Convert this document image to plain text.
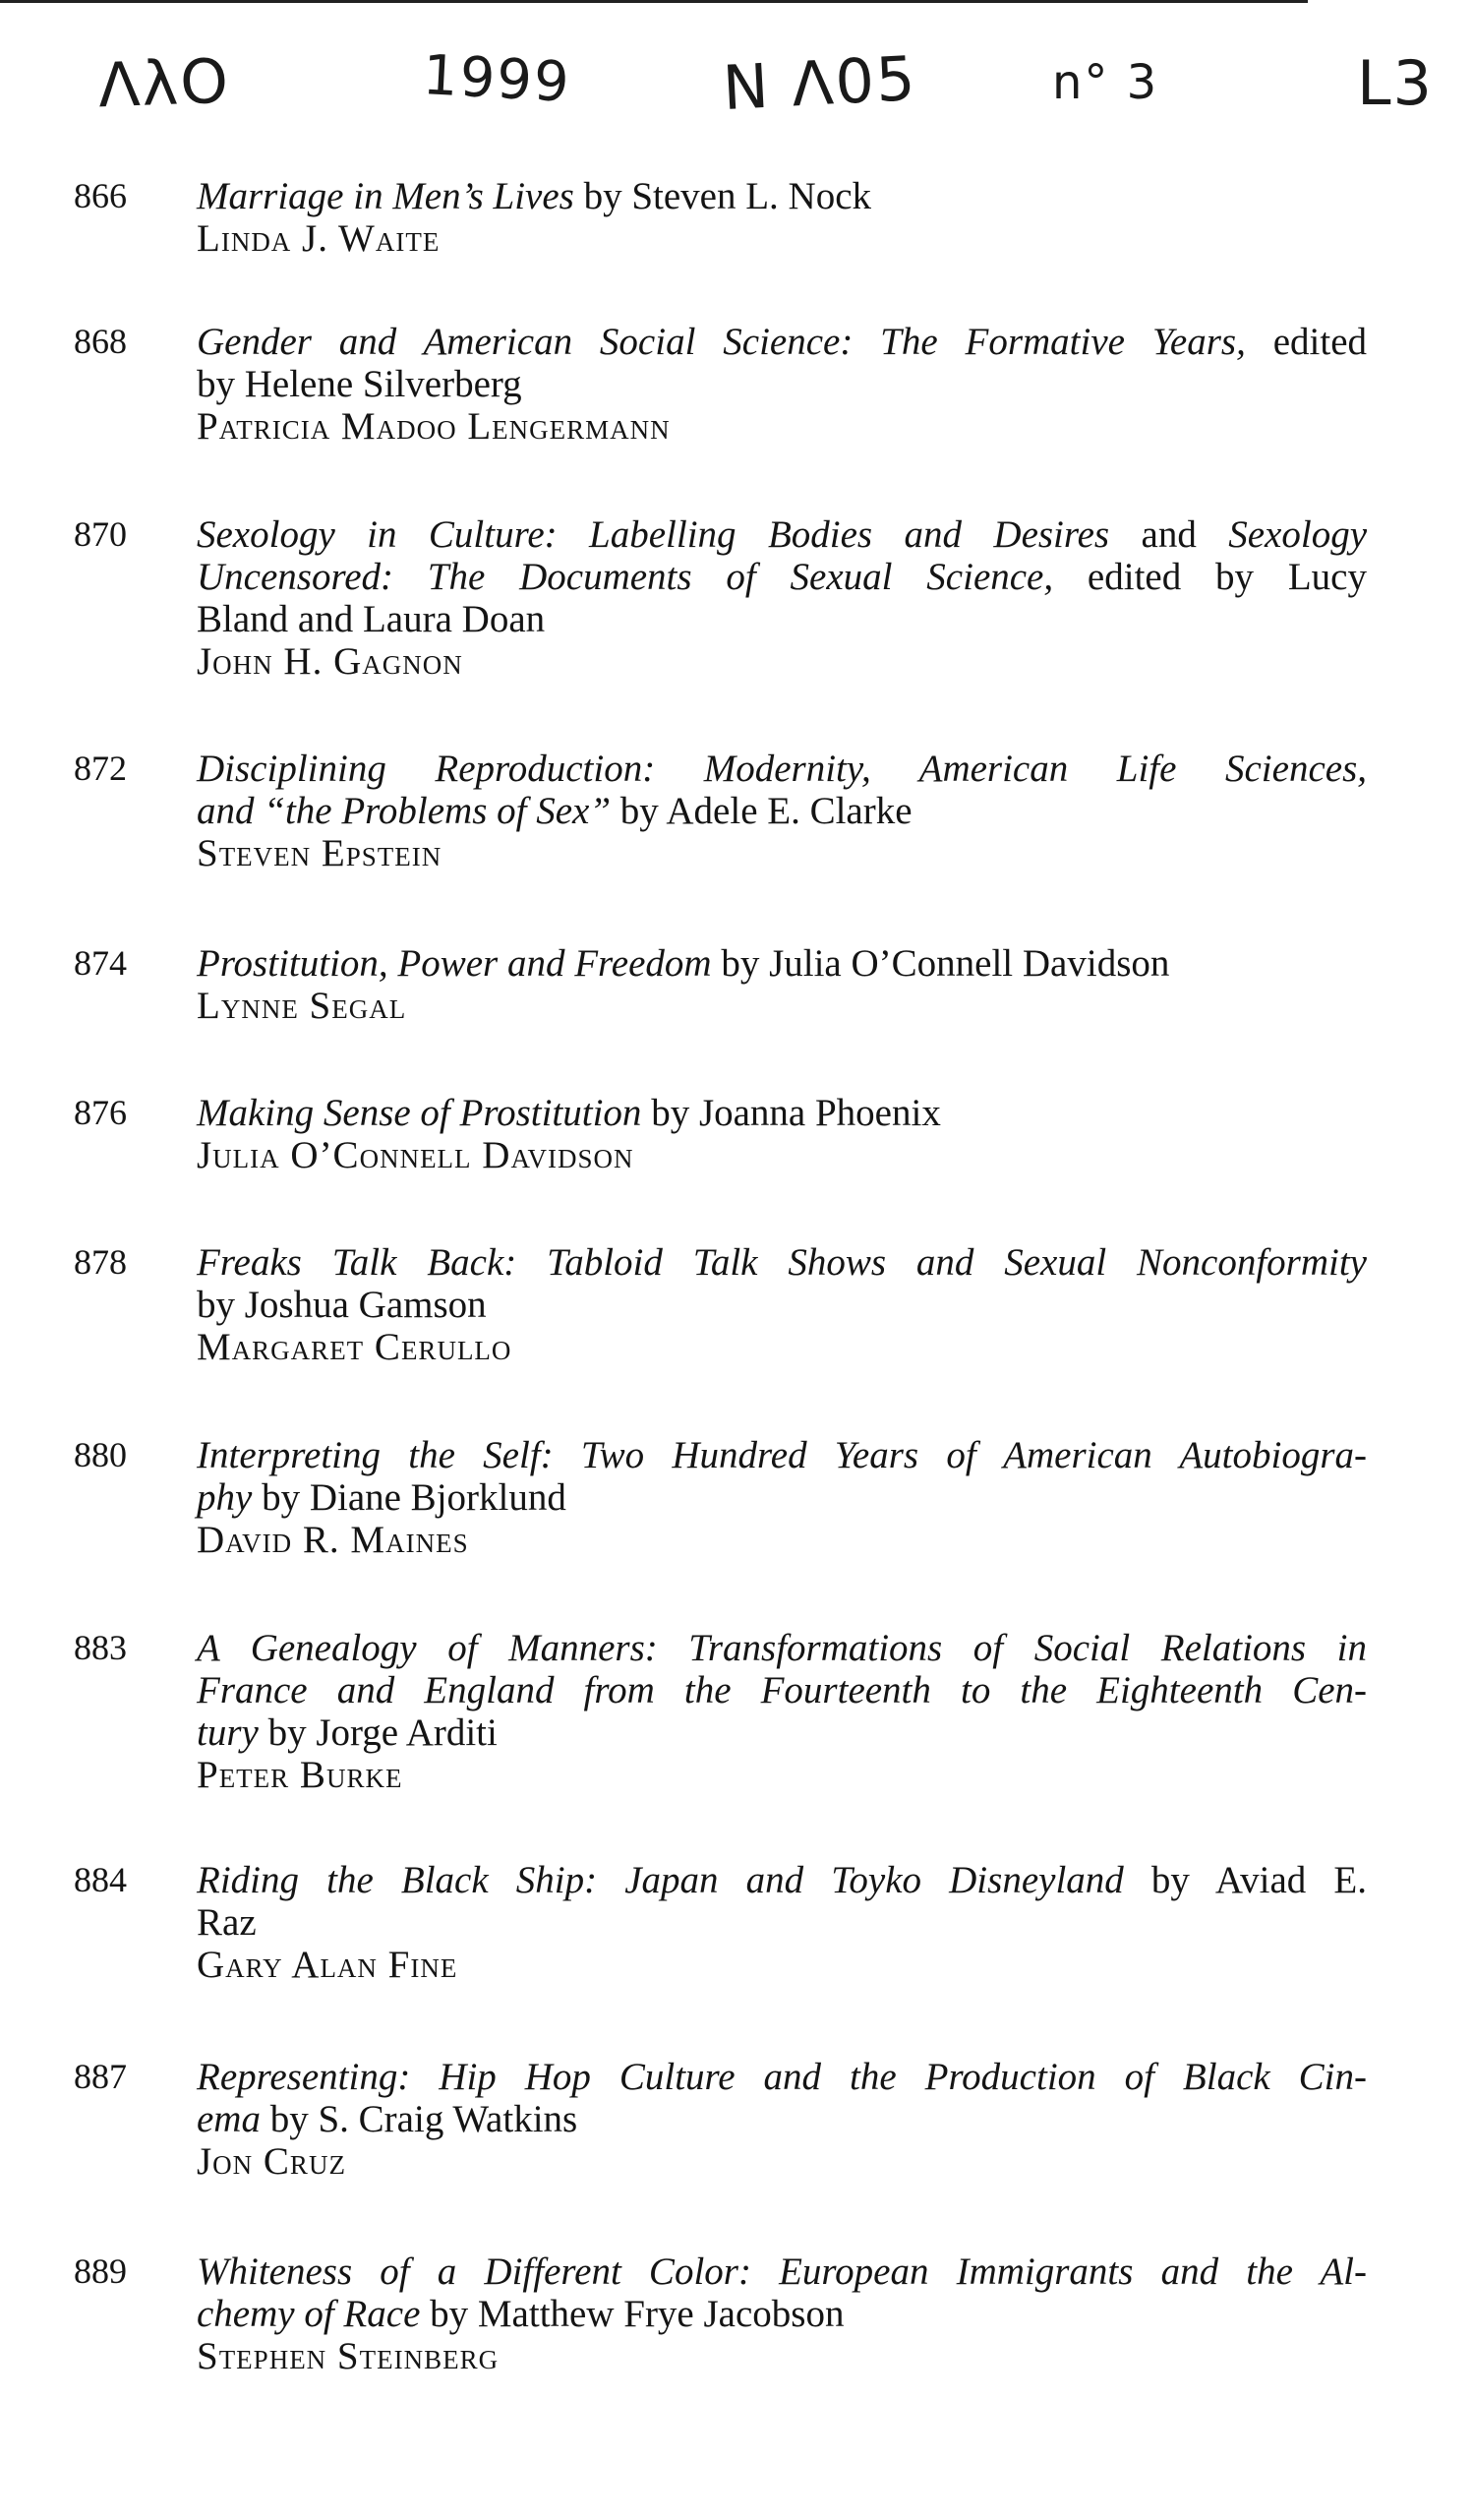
ΛλO	1999 N Λ05	n° 3	L3
866 Marriage in Men’s Lives by Steven L. Nock
Linda J. Waite
868 Gender and American Social Science: The Formative Years, edited
by Helene Silverberg
Patricia Madoo Lengermann
870 Sexology in Culture: Labelling Bodies and Desires and Sexology
Uncensored: The Documents of Sexual Science, edited by Lucy
Bland and Laura Doan
John H. Gagnon
872 Disciplining Reproduction: Modernity, American Life Sciences,
and “the Problems of Sex” by Adele E. Clarke
Steven Epstein
874 Prostitution, Power and Freedom by Julia O’Connell Davidson
Lynne Segal
876 Making Sense of Prostitution by Joanna Phoenix
Julia O’Connell Davidson
878 Freaks Talk Back: Tabloid Talk Shows and Sexual Nonconformity
by Joshua Gamson
Margaret Cerullo
880 Interpreting the Self: Two Hundred Years of American Autobiogra-
phy by Diane Bjorklund
David R. Maines
883 A Genealogy of Manners: Transformations of Social Relations in
France and England from the Fourteenth to the Eighteenth Cen-
tury by Jorge Arditi
Peter Burke
884 Riding the Black Ship: Japan and Toyko Disneyland by Aviad E.
Raz
Gary Alan Fine
887 Representing: Hip Hop Culture and the Production of Black Cin-
ema by S. Craig Watkins
Jon Cruz
889 Whiteness of a Different Color: European Immigrants and the Al-
chemy of Race by Matthew Frye Jacobson
Stephen Steinberg
